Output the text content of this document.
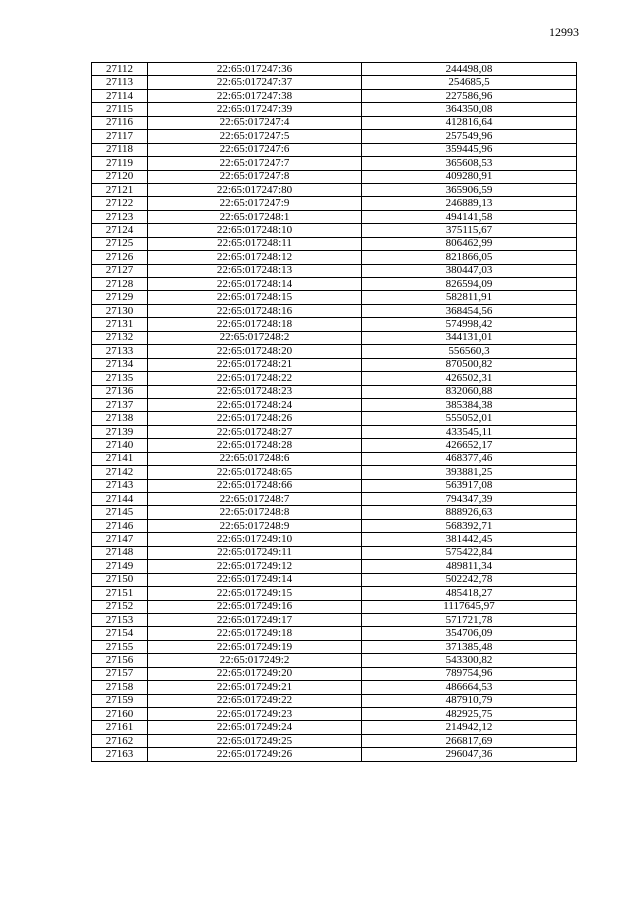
12993
27112	22:65:017247:36	244498,08
27113	22:65:017247:37	254685,5
27114	22:65:017247:38	227586,96
27115	22:65:017247:39	364350,08
27116	22:65:017247:4	412816,64
27117	22:65:017247:5	257549,96
27118	22:65:017247:6	359445,96
27119	22:65:017247:7	365608,53
27120	22:65:017247:8	409280,91
27121	22:65:017247:80	365906,59
27122	22:65:017247:9	246889,13
27123	22:65:017248:1	494141,58
27124	22:65:017248:10	375115,67
27125	22:65:017248:11	806462,99
27126	22:65:017248:12	821866,05
27127	22:65:017248:13	380447,03
27128	22:65:017248:14	826594,09
27129	22:65:017248:15	582811,91
27130	22:65:017248:16	368454,56
27131	22:65:017248:18	574998,42
27132	22:65:017248:2	344131,01
27133	22:65:017248:20	556560,3
27134	22:65:017248:21	870500,82
27135	22:65:017248:22	426502,31
27136	22:65:017248:23	832060,88
27137	22:65:017248:24	385384,38
27138	22:65:017248:26	555052,01
27139	22:65:017248:27	433545,11
27140	22:65:017248:28	426652,17
27141	22:65:017248:6	468377,46
27142	22:65:017248:65	393881,25
27143	22:65:017248:66	563917,08
27144	22:65:017248:7	794347,39
27145	22:65:017248:8	888926,63
27146	22:65:017248:9	568392,71
27147	22:65:017249:10	381442,45
27148	22:65:017249:11	575422,84
27149	22:65:017249:12	489811,34
27150	22:65:017249:14	502242,78
27151	22:65:017249:15	485418,27
27152	22:65:017249:16	1117645,97
27153	22:65:017249:17	571721,78
27154	22:65:017249:18	354706,09
27155	22:65:017249:19	371385,48
27156	22:65:017249:2	543300,82
27157	22:65:017249:20	789754,96
27158	22:65:017249:21	486664,53
27159	22:65:017249:22	487910,79
27160	22:65:017249:23	482925,75
27161	22:65:017249:24	214942,12
27162	22:65:017249:25	266817,69
27163	22:65:017249:26	296047,36
